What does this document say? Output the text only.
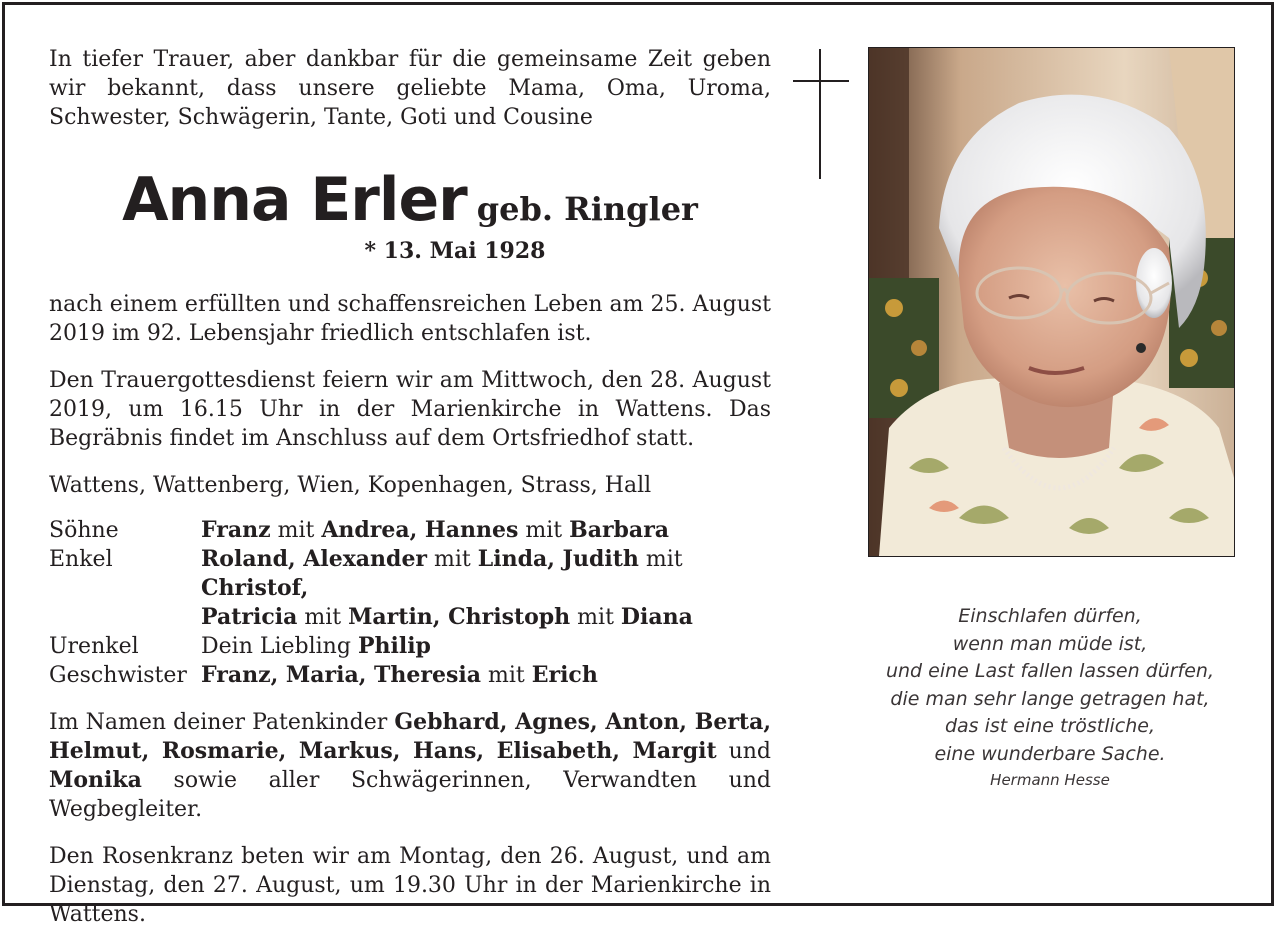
In tiefer Trauer, aber dankbar für die gemeinsame Zeit geben wir bekannt, dass unsere geliebte Mama, Oma, Uroma, Schwester, Schwägerin, Tante, Goti und Cousine

Anna Erler geb. Ringler
* 13. Mai 1928

nach einem erfüllten und schaffensreichen Leben am 25. August 2019 im 92. Lebensjahr friedlich entschlafen ist.

Den Trauergottesdienst feiern wir am Mittwoch, den 28. August 2019, um 16.15 Uhr in der Marienkirche in Wattens. Das Begräbnis findet im Anschluss auf dem Ortsfriedhof statt.

Wattens, Wattenberg, Wien, Kopenhagen, Strass, Hall

Söhne	Franz mit Andrea, Hannes mit Barbara
Enkel	Roland, Alexander mit Linda, Judith mit Christof,
Patricia mit Martin, Christoph mit Diana
Urenkel	Dein Liebling Philip
Geschwister	Franz, Maria, Theresia mit Erich

Im Namen deiner Patenkinder Gebhard, Agnes, Anton, Berta, Helmut, Rosmarie, Markus, Hans, Elisabeth, Margit und Monika sowie aller Schwägerinnen, Verwandten und Wegbegleiter.

Den Rosenkranz beten wir am Montag, den 26. August, und am Dienstag, den 27. August, um 19.30 Uhr in der Marienkirche in Wattens.

Einschlafen dürfen,
wenn man müde ist,
und eine Last fallen lassen dürfen,
die man sehr lange getragen hat,
das ist eine tröstliche,
eine wunderbare Sache.
Hermann Hesse
